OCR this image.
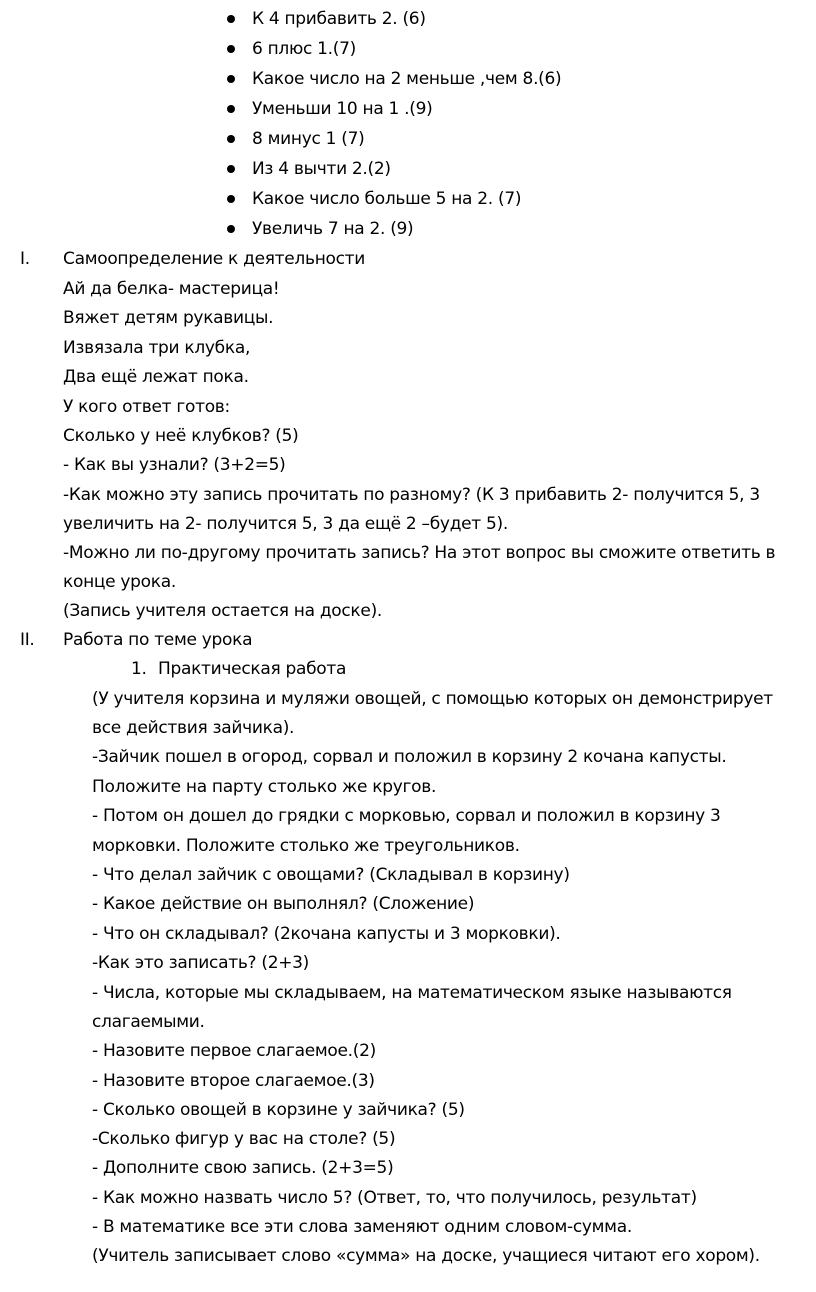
К 4 прибавить 2. (6)
6 плюс 1.(7)
Какое число на 2 меньше ,чем 8.(6)
Уменьши 10 на 1 .(9)
8 минус 1 (7)
Из 4 вычти 2.(2)
Какое число больше 5 на 2. (7)
Увеличь 7 на 2. (9)
I. Самоопределение к деятельности
Ай да белка- мастерица!
Вяжет детям рукавицы.
Извязала три клубка,
Два ещё лежат пока.
У кого ответ готов:
Сколько у неё клубков? (5)
- Как вы узнали? (3+2=5)
-Как можно эту запись прочитать по разному? (К 3 прибавить 2- получится 5, 3
увеличить на 2- получится 5, 3 да ещё 2 –будет 5).
-Можно ли по-другому прочитать запись? На этот вопрос вы сможите ответить в
конце урока.
(Запись учителя остается на доске).
II. Работа по теме урока
1. Практическая работа
(У учителя корзина и муляжи овощей, с помощью которых он демонстрирует
все действия зайчика).
-Зайчик пошел в огород, сорвал и положил в корзину 2 кочана капусты.
Положите на парту столько же кругов.
- Потом он дошел до грядки с морковью, сорвал и положил в корзину 3
морковки. Положите столько же треугольников.
- Что делал зайчик с овощами? (Складывал в корзину)
- Какое действие он выполнял? (Сложение)
- Что он складывал? (2кочана капусты и 3 морковки).
-Как это записать? (2+3)
- Числа, которые мы складываем, на математическом языке называются
слагаемыми.
- Назовите первое слагаемое.(2)
- Назовите второе слагаемое.(3)
- Сколько овощей в корзине у зайчика? (5)
-Сколько фигур у вас на столе? (5)
- Дополните свою запись. (2+3=5)
- Как можно назвать число 5? (Ответ, то, что получилось, результат)
- В математике все эти слова заменяют одним словом-сумма.
(Учитель записывает слово «сумма» на доске, учащиеся читают его хором).
